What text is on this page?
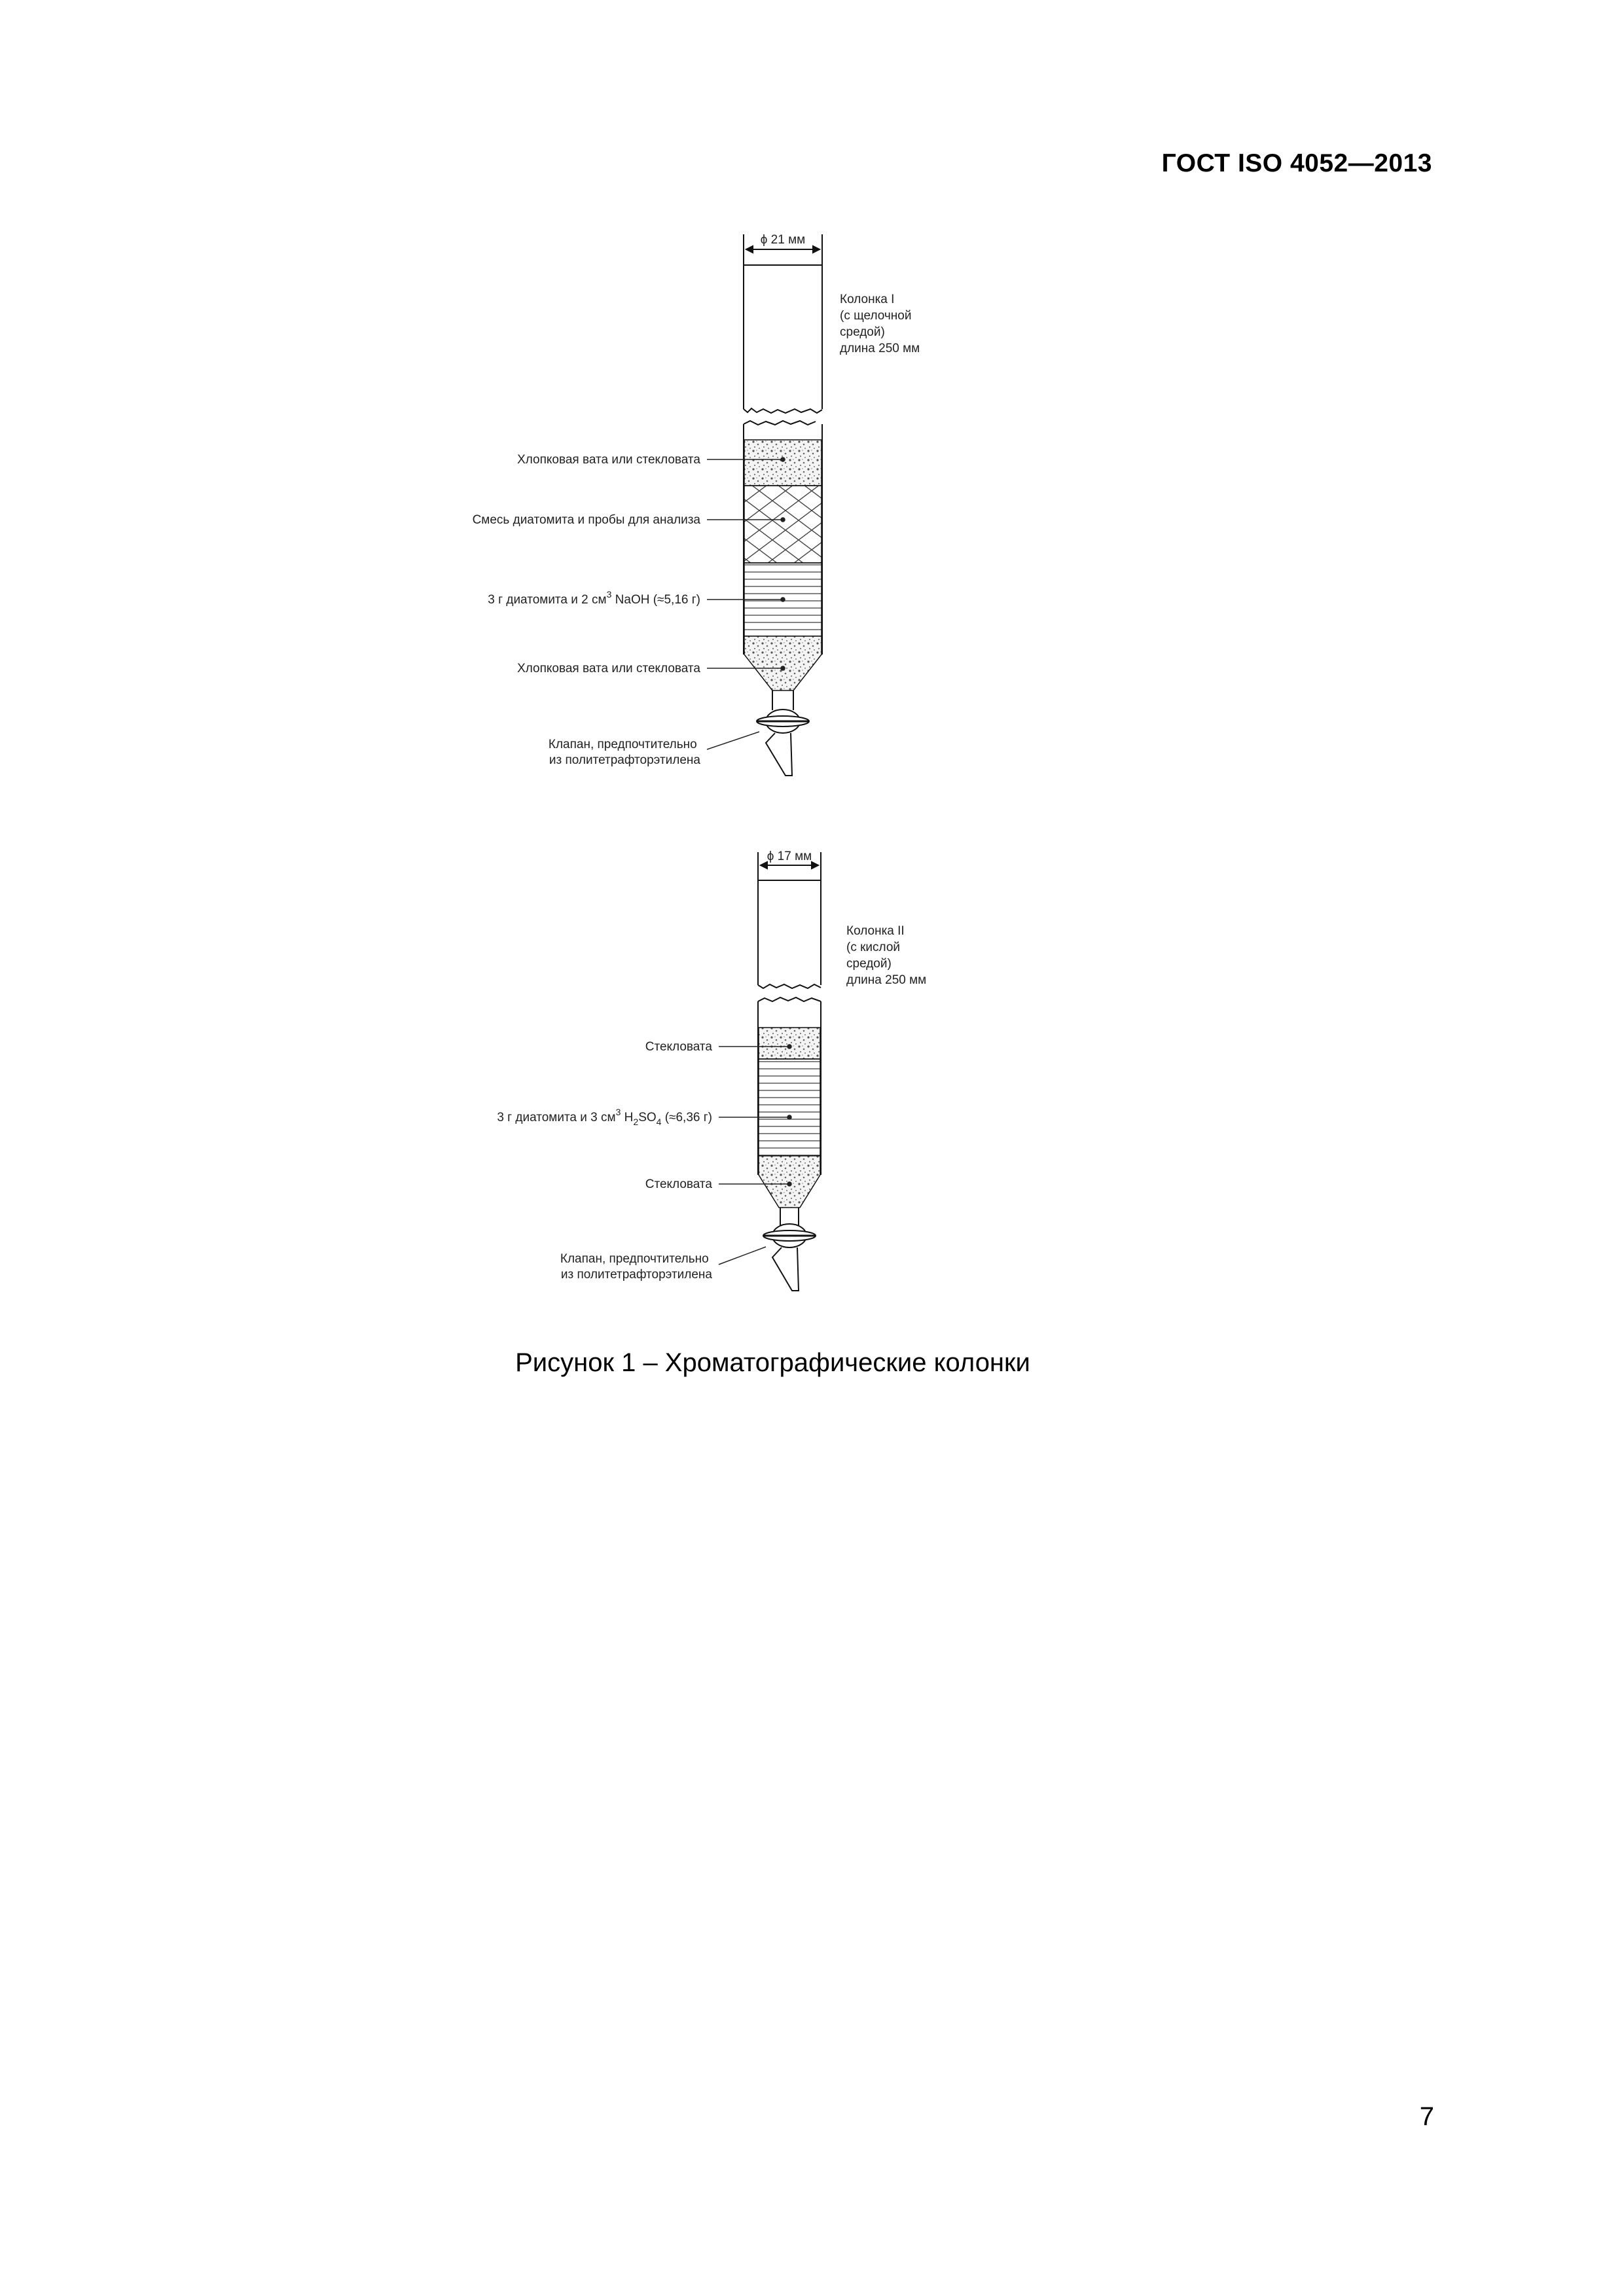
ГОСТ ISO 4052—2013
ϕ 21 мм
Колонка I (с щелочной средой) длина 250 мм
Хлопковая вата или стекловата
Смесь диатомита и пробы для анализа
3 г диатомита и 2 $см^3$ NaOH (≈5,16 г)
Хлопковая вата или стекловата
Клапан, предпочтительно из политетрафторэтилена
ϕ 17 мм
Колонка II (с кислой средой) длина 250 мм
Стекловата
3 г диатомита и 3 $см^3$ $H_2SO_4$ (≈6,36 г)
Стекловата
Клапан, предпочтительно из политетрафторэтилена
Рисунок 1 – Хроматографические колонки
7
